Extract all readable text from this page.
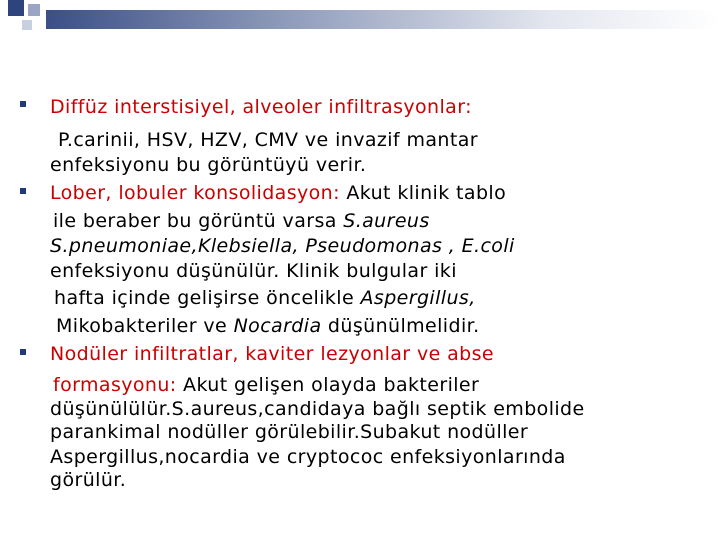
Diffüz interstisiyel, alveoler infiltrasyonlar:
P.carinii, HSV, HZV, CMV ve invazif mantar
enfeksiyonu bu görüntüyü verir.
Lober, lobuler konsolidasyon: Akut klinik tablo
ile beraber bu görüntü varsa S.aureus
S.pneumoniae,Klebsiella, Pseudomonas , E.coli
enfeksiyonu düşünülür. Klinik bulgular iki
hafta içinde gelişirse öncelikle Aspergillus,
Mikobakteriler ve Nocardia düşünülmelidir.
Nodüler infiltratlar, kaviter lezyonlar ve abse
formasyonu: Akut gelişen olayda bakteriler
düşünülülür.S.aureus,candidaya bağlı septik embolide
parankimal nodüller görülebilir.Subakut nodüller
Aspergillus,nocardia ve cryptococ enfeksiyonlarında
görülür.
